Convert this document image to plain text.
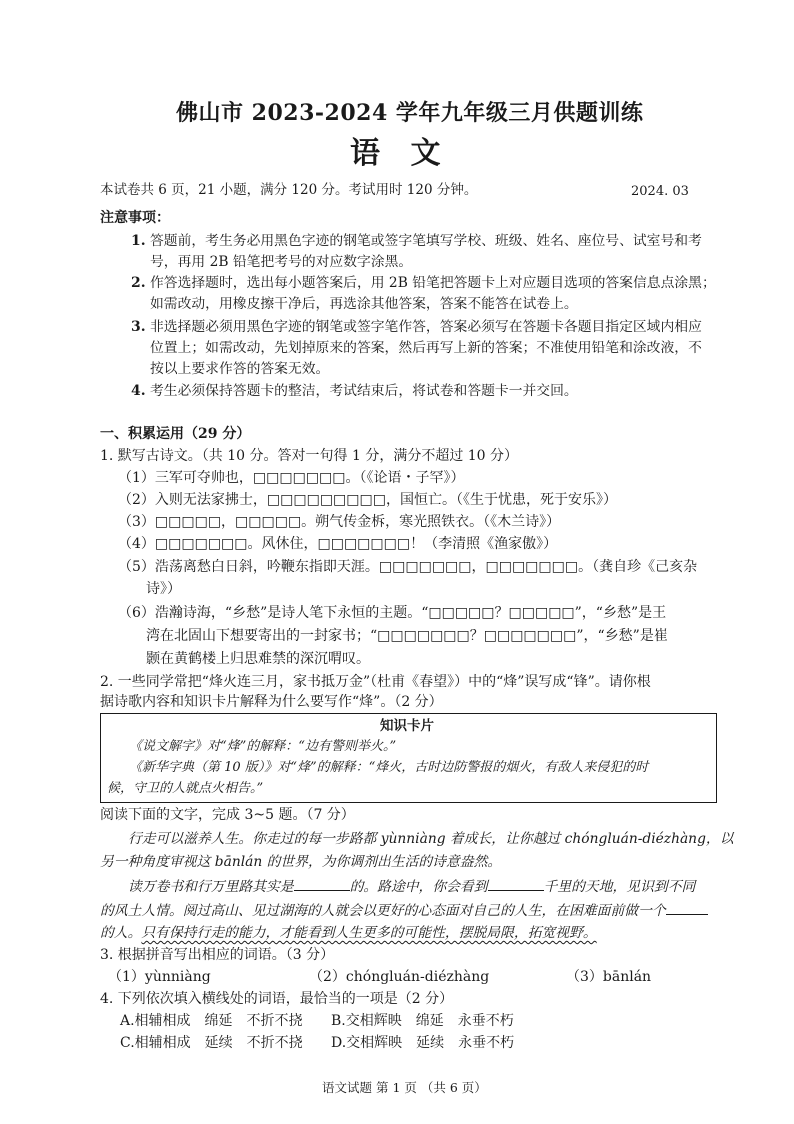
佛山市 2023-2024 学年九年级三月供题训练
语 文
本试卷共 6 页，21 小题，满分 120 分。考试用时 120 分钟。	2024. 03
注意事项：
1. 答题前，考生务必用黑色字迹的钢笔或签字笔填写学校、班级、姓名、座位号、试室号和考
号，再用 2B 铅笔把考号的对应数字涂黑。
2. 作答选择题时，选出每小题答案后，用 2B 铅笔把答题卡上对应题目选项的答案信息点涂黑；
如需改动，用橡皮擦干净后，再选涂其他答案，答案不能答在试卷上。
3. 非选择题必须用黑色字迹的钢笔或签字笔作答，答案必须写在答题卡各题目指定区域内相应
位置上；如需改动，先划掉原来的答案，然后再写上新的答案；不准使用铅笔和涂改液，不
按以上要求作答的答案无效。
4. 考生必须保持答题卡的整洁，考试结束后，将试卷和答题卡一并交回。
一、积累运用（29 分）
1. 默写古诗文。（共 10 分。答对一句得 1 分，满分不超过 10 分）
（1）三军可夺帅也，□□□□□□□。（《论语・子罕》）
（2）入则无法家拂士，□□□□□□□□□，国恒亡。（《生于忧患，死于安乐》）
（3）□□□□□，□□□□□。朔气传金柝，寒光照铁衣。（《木兰诗》）
（4）□□□□□□□。风休住，□□□□□□□！（李清照《渔家傲》）
（5）浩荡离愁白日斜，吟鞭东指即天涯。□□□□□□□，□□□□□□□。（龚自珍《己亥杂
诗》）
（6）浩瀚诗海，“乡愁”是诗人笔下永恒的主题。“□□□□□？□□□□□”，“乡愁”是王
湾在北固山下想要寄出的一封家书；“□□□□□□□？□□□□□□□”，“乡愁”是崔
颢在黄鹤楼上归思难禁的深沉喟叹。
2. 一些同学常把“烽火连三月，家书抵万金”（杜甫《春望》）中的“烽”误写成“锋”。请你根
据诗歌内容和知识卡片解释为什么要写作“烽”。（2 分）
知识卡片
《说文解字》对“烽”的解释：“边有警则举火。”
《新华字典（第 10 版）》对“烽”的解释：“烽火，古时边防警报的烟火，有敌人来侵犯的时
候，守卫的人就点火相告。”
阅读下面的文字，完成 3~5 题。（7 分）
行走可以滋养人生。你走过的每一步路都 yùnniàng 着成长，让你越过 chóngluán-diézhàng，以
另一种角度审视这 bānlán 的世界，为你调剂出生活的诗意盎然。
读万卷书和行万里路其实是	的。路途中，你会看到	千里的天地，见识到不同
的风土人情。阅过高山、见过湖海的人就会以更好的心态面对自己的人生，在困难面前做一个
的人。只有保持行走的能力，才能看到人生更多的可能性，摆脱局限，拓宽视野。
3. 根据拼音写出相应的词语。（3 分）
（1）yùnniàng	（2）chóngluán-diézhàng	（3）bānlán
4. 下列依次填入横线处的词语，最恰当的一项是（2 分）
A.相辅相成　绵延　不折不挠 B.交相辉映　绵延　永垂不朽
C.相辅相成　延续　不折不挠 D.交相辉映　延续　永垂不朽
语文试题 第 1 页 （共 6 页）
